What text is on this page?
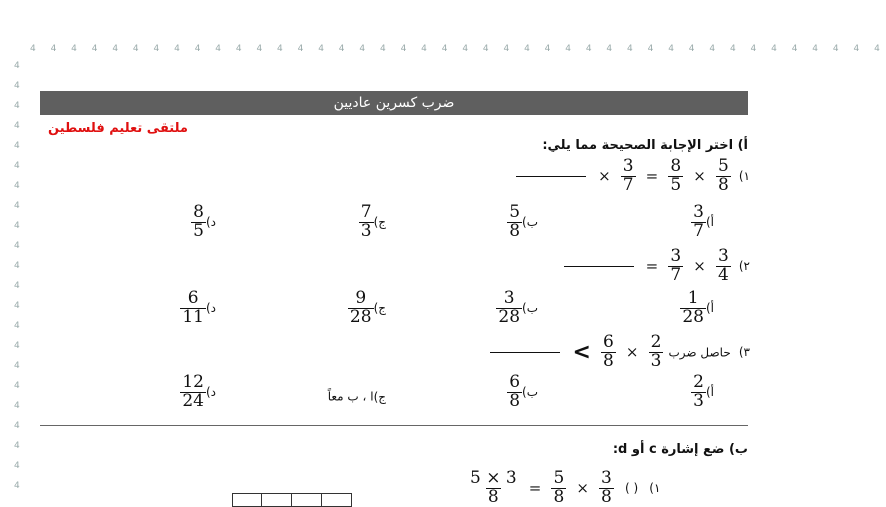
4 4 4 4 4 4 4 4 4 4 4 4 4 4 4 4 4 4 4 4 4 4 4 4 4 4 4 4 4 4 4 4 4 4 4 4 4 4 4 4 4 4
4 4 4 4 4 4 4 4 4 4 4 4 4 4 4 4 4 4 4 4 4 4
ضرب كسرين عاديين
ملتقى تعليم فلسطين
أ) اختر الإجابة الصحيحة مما يلي:
١)
$\frac{5}{8}$
×
$\frac{8}{5}$
=
$\frac{3}{7}$
×
أ)
$\frac{3}{7}$
ب)
$\frac{5}{8}$
ج)
$\frac{7}{3}$
د)
$\frac{8}{5}$
٢)
$\frac{3}{4}$
×
$\frac{3}{7}$
=
أ)
$\frac{1}{28}$
ب)
$\frac{3}{28}$
ج)
$\frac{9}{28}$
د)
$\frac{6}{11}$
٣) حاصل ضرب
$\frac{2}{3}$
×
$\frac{6}{8}$
>
أ)
$\frac{2}{3}$
ب)
$\frac{6}{8}$
ج)ا ، ب معاً
د)
$\frac{12}{24}$
ب) ضع إشارة c أو d:
$\frac{5 \times 3}{8} = \frac{5}{8} \times \frac{3}{8}$ ( ) (١
